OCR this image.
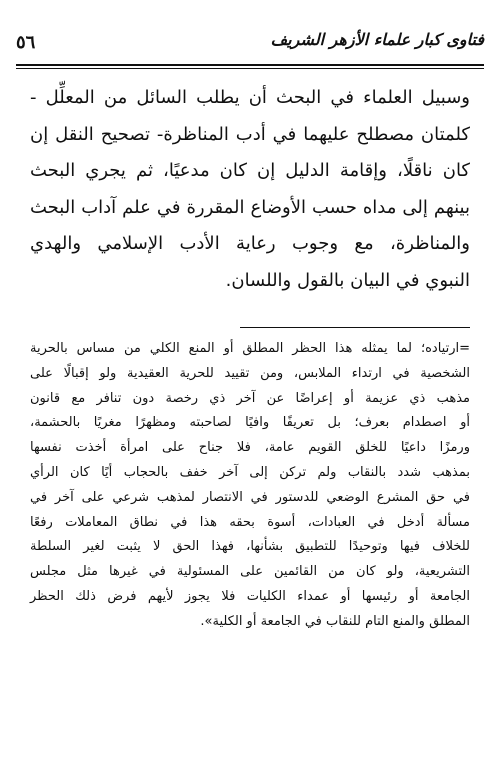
فتاوى كبار علماء الأزهر الشريف
٥٦
وسبيل العلماء في البحث أن يطلب السائل من المعلِّل -
كلمتان مصطلح عليهما في أدب المناظرة- تصحيح النقل إن
كان ناقلًا، وإقامة الدليل إن كان مدعيًا، ثم يجري البحث
بينهم إلى مداه حسب الأوضاع المقررة في علم آداب البحث
والمناظرة، مع وجوب رعاية الأدب الإسلامي والهدي
النبوي في البيان بالقول واللسان.
=ارتياده؛ لما يمثله هذا الحظر المطلق أو المنع الكلي من مساس بالحرية
الشخصية في ارتداء الملابس، ومن تقييد للحرية العقيدية ولو إقبالًا على
مذهب ذي عزيمة أو إعراضًا عن آخر ذي رخصة دون تنافر مع قانون
أو اصطدام بعرف؛ بل تعريفًا وافيًا لصاحبته ومظهرًا مغريًا بالحشمة،
ورمزًا داعيًا للخلق القويم عامة، فلا جناح على امرأة أخذت نفسها
بمذهب شدد بالنقاب ولم تركن إلى آخر خفف بالحجاب أيًا كان الرأي
في حق المشرع الوضعي للدستور في الانتصار لمذهب شرعي على آخر في
مسألة أدخل في العبادات، أسوة بحقه هذا في نطاق المعاملات رفعًا
للخلاف فيها وتوحيدًا للتطبيق بشأنها، فهذا الحق لا يثبت لغير السلطة
التشريعية، ولو كان من القائمين على المسئولية في غيرها مثل مجلس
الجامعة أو رئيسها أو عمداء الكليات فلا يجوز لأيهم فرض ذلك الحظر
المطلق والمنع التام للنقاب في الجامعة أو الكلية».
